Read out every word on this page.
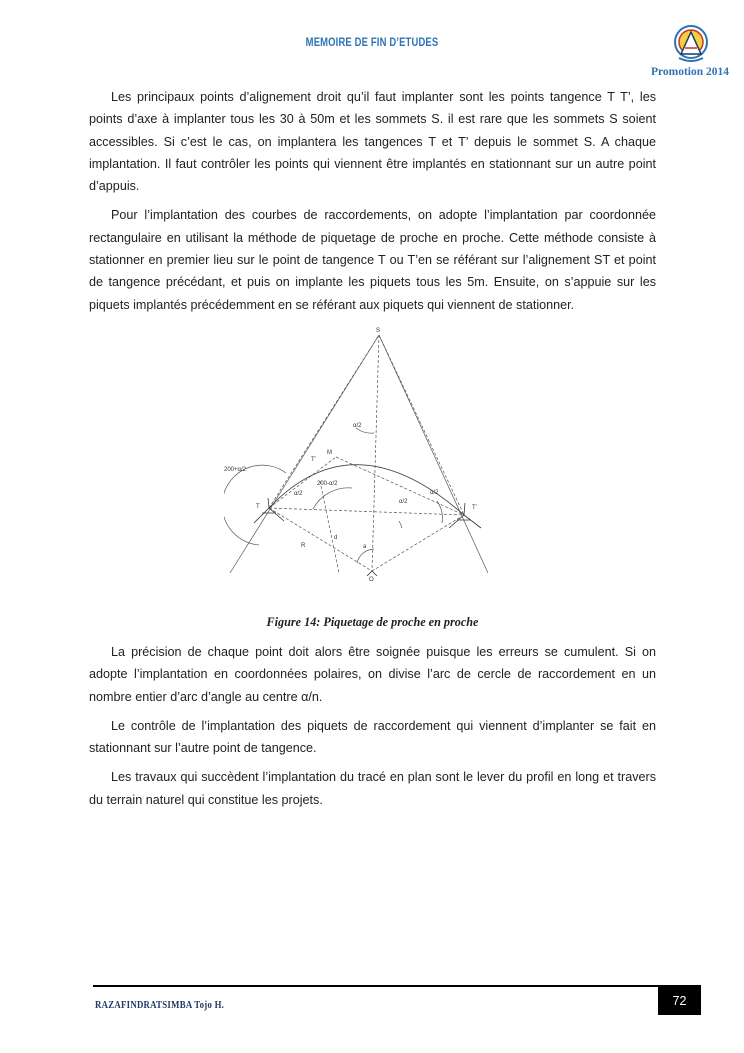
MEMOIRE DE FIN D’ETUDES
Promotion 2014

Les principaux points d’alignement droit qu’il faut implanter sont les points tangence T T’, les points d’axe à implanter tous les 30 à 50m et les sommets S. il est rare que les sommets S soient accessibles. Si c’est le cas, on implantera les tangences T et T’ depuis le sommet S. A chaque implantation. Il faut contrôler les points qui viennent être implantés en stationnant sur un autre point d’appuis.

Pour l’implantation des courbes de raccordements, on adopte l’implantation par coordonnée rectangulaire en utilisant la méthode de piquetage de proche en proche. Cette méthode consiste à stationner en premier lieu sur le point de tangence T ou T’en se référant sur l’alignement ST et point de tangence précédant, et puis on implante les piquets tous les 5m. Ensuite, on s’appuie sur les piquets implantés précédemment en se référant aux piquets qui viennent de stationner.

S
α/2
M
T'
200+α/2
200-α/2
α/2	α/2
α/2
T	T'
R
d
a
O
Figure 14: Piquetage de proche en proche

La précision de chaque point doit alors être soignée puisque les erreurs se cumulent. Si on adopte l’implantation en coordonnées polaires, on divise l’arc de cercle de raccordement en un nombre entier d’arc d’angle au centre α/n.

Le contrôle de l’implantation des piquets de raccordement qui viennent d’implanter se fait en stationnant sur l’autre point de tangence.

Les travaux qui succèdent l’implantation du tracé en plan sont le lever du profil en long et travers du terrain naturel qui constitue les projets.

RAZAFINDRATSIMBA Tojo H.	72
